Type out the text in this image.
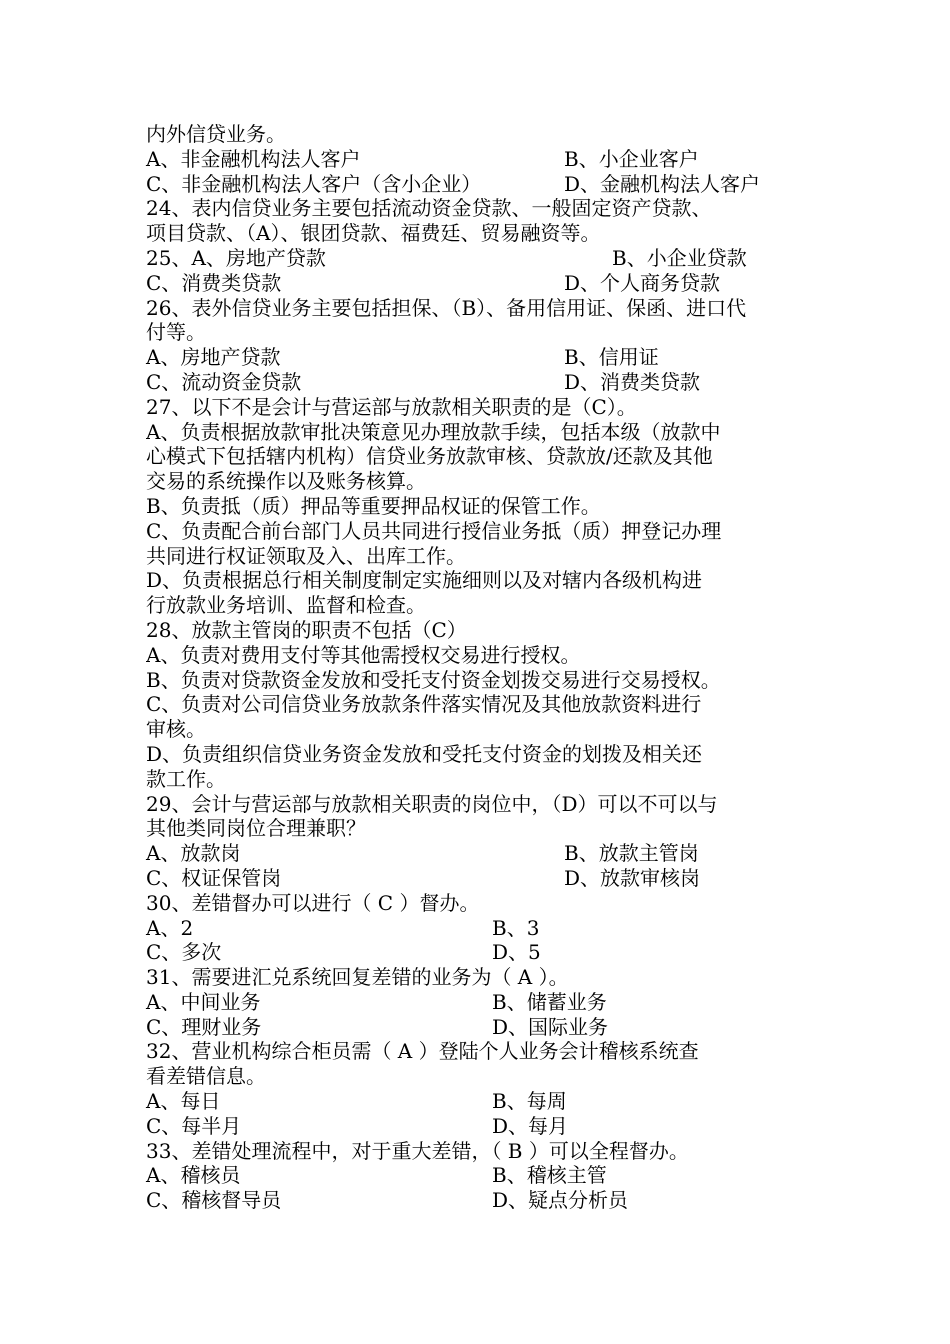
内外信贷业务。
A、非金融机构法人客户	B、小企业客户
C、非金融机构法人客户（含小企业）	D、金融机构法人客户
24、表内信贷业务主要包括流动资金贷款、一般固定资产贷款、
项目贷款、（A）、银团贷款、福费廷、贸易融资等。
25、A、房地产贷款	B、小企业贷款
C、消费类贷款	D、个人商务贷款
26、表外信贷业务主要包括担保、（B）、备用信用证、保函、进口代
付等。
A、房地产贷款	B、信用证
C、流动资金贷款	D、消费类贷款
27、以下不是会计与营运部与放款相关职责的是（C）。
A、负责根据放款审批决策意见办理放款手续，包括本级（放款中
心模式下包括辖内机构）信贷业务放款审核、贷款放/还款及其他
交易的系统操作以及账务核算。
B、负责抵（质）押品等重要押品权证的保管工作。
C、负责配合前台部门人员共同进行授信业务抵（质）押登记办理
共同进行权证领取及入、出库工作。
D、负责根据总行相关制度制定实施细则以及对辖内各级机构进
行放款业务培训、监督和检查。
28、放款主管岗的职责不包括（C）
A、负责对费用支付等其他需授权交易进行授权。
B、负责对贷款资金发放和受托支付资金划拨交易进行交易授权。
C、负责对公司信贷业务放款条件落实情况及其他放款资料进行
审核。
D、负责组织信贷业务资金发放和受托支付资金的划拨及相关还
款工作。
29、会计与营运部与放款相关职责的岗位中，（D）可以不可以与
其他类同岗位合理兼职？
A、放款岗	B、放款主管岗
C、权证保管岗	D、放款审核岗
30、差错督办可以进行（ C ）督办。
A、2	B、3
C、多次	D、5
31、需要进汇兑系统回复差错的业务为（ A ）。
A、中间业务	B、储蓄业务
C、理财业务	D、国际业务
32、营业机构综合柜员需（ A ）登陆个人业务会计稽核系统查
看差错信息。
A、每日	B、每周
C、每半月	D、每月
33、差错处理流程中，对于重大差错，（ B ）可以全程督办。
A、稽核员	B、稽核主管
C、稽核督导员	D、疑点分析员
